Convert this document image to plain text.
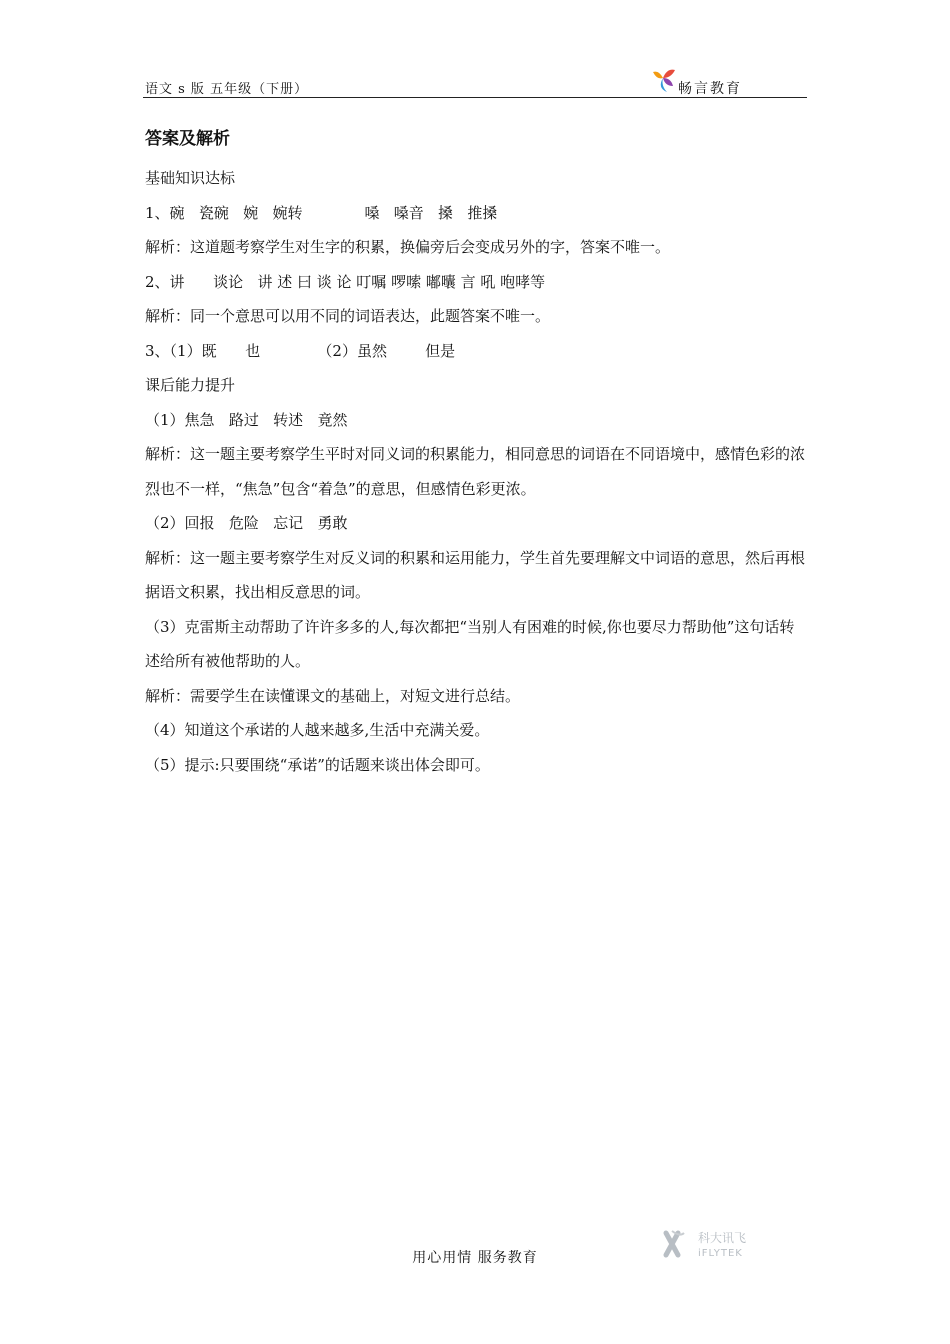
语文 s 版 五年级（下册）	畅言教育
答案及解析
基础知识达标
1、碗   瓷碗   婉   婉转             嗓   嗓音   搡   推搡
解析：这道题考察学生对生字的积累，换偏旁后会变成另外的字，答案不唯一。
2、讲      谈论   讲 述 曰 谈 论 叮嘱 啰嗦 嘟囔 言 吼 咆哮等
解析：同一个意思可以用不同的词语表达，此题答案不唯一。
3、（1）既      也            （2）虽然        但是
课后能力提升
（1）焦急   路过   转述   竟然
解析：这一题主要考察学生平时对同义词的积累能力，相同意思的词语在不同语境中，感情色彩的浓烈也不一样，“焦急”包含“着急”的意思，但感情色彩更浓。
（2）回报   危险   忘记   勇敢
解析：这一题主要考察学生对反义词的积累和运用能力，学生首先要理解文中词语的意思，然后再根据语文积累，找出相反意思的词。
（3）克雷斯主动帮助了许许多多的人,每次都把“当别人有困难的时候,你也要尽力帮助他”这句话转述给所有被他帮助的人。
解析：需要学生在读懂课文的基础上，对短文进行总结。
（4）知道这个承诺的人越来越多,生活中充满关爱。
（5）提示:只要围绕“承诺”的话题来谈出体会即可。
用心用情 服务教育
科大讯飞
iFLYTEK
